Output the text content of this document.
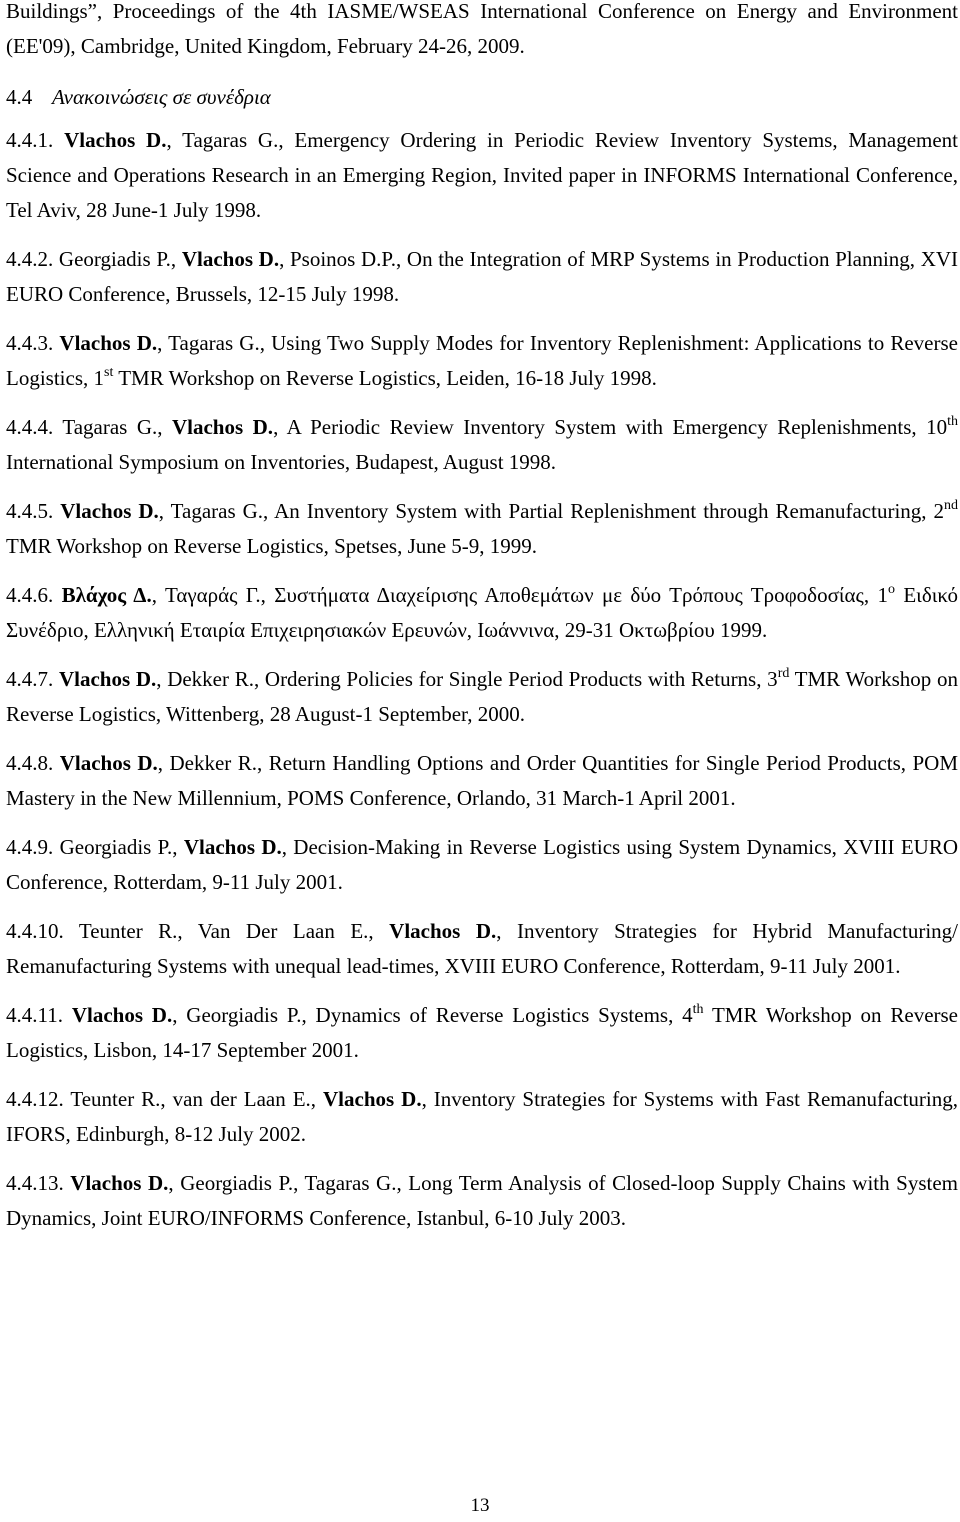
Buildings”, Proceedings of the 4th IASME/WSEAS International Conference on Energy and Environment (EE'09), Cambridge, United Kingdom, February 24-26, 2009.

4.4 Ανακοινώσεις σε συνέδρια

4.4.1. Vlachos D., Tagaras G., Emergency Ordering in Periodic Review Inventory Systems, Management Science and Operations Research in an Emerging Region, Invited paper in INFORMS International Conference, Tel Aviv, 28 June-1 July 1998.

4.4.2. Georgiadis P., Vlachos D., Psoinos D.P., On the Integration of MRP Systems in Production Planning, XVI EURO Conference, Brussels, 12-15 July 1998.

4.4.3. Vlachos D., Tagaras G., Using Two Supply Modes for Inventory Replenishment: Applications to Reverse Logistics, 1st TMR Workshop on Reverse Logistics, Leiden, 16-18 July 1998.

4.4.4. Tagaras G., Vlachos D., A Periodic Review Inventory System with Emergency Replenishments, 10th International Symposium on Inventories, Budapest, August 1998.

4.4.5. Vlachos D., Tagaras G., An Inventory System with Partial Replenishment through Remanufacturing, 2nd TMR Workshop on Reverse Logistics, Spetses, June 5-9, 1999.

4.4.6. Βλάχος Δ., Ταγαράς Γ., Συστήματα Διαχείρισης Αποθεμάτων με δύο Τρόπους Τροφοδοσίας, 1$^o$ Ειδικό Συνέδριο, Ελληνική Εταιρία Επιχειρησιακών Ερευνών, Ιωάννινα, 29-31 Οκτωβρίου 1999.

4.4.7. Vlachos D., Dekker R., Ordering Policies for Single Period Products with Returns, 3rd TMR Workshop on Reverse Logistics, Wittenberg, 28 August-1 September, 2000.

4.4.8. Vlachos D., Dekker R., Return Handling Options and Order Quantities for Single Period Products, POM Mastery in the New Millennium, POMS Conference, Orlando, 31 March-1 April 2001.

4.4.9. Georgiadis P., Vlachos D., Decision-Making in Reverse Logistics using System Dynamics, XVIII EURO Conference, Rotterdam, 9-11 July 2001.

4.4.10. Teunter R., Van Der Laan E., Vlachos D., Inventory Strategies for Hybrid Manufacturing/ Remanufacturing Systems with unequal lead-times, XVIII EURO Conference, Rotterdam, 9-11 July 2001.

4.4.11. Vlachos D., Georgiadis P., Dynamics of Reverse Logistics Systems, 4th TMR Workshop on Reverse Logistics, Lisbon, 14-17 September 2001.

4.4.12. Teunter R., van der Laan E., Vlachos D., Inventory Strategies for Systems with Fast Remanufacturing, IFORS, Edinburgh, 8-12 July 2002.

4.4.13. Vlachos D., Georgiadis P., Tagaras G., Long Term Analysis of Closed-loop Supply Chains with System Dynamics, Joint EURO/INFORMS Conference, Istanbul, 6-10 July 2003.

13
